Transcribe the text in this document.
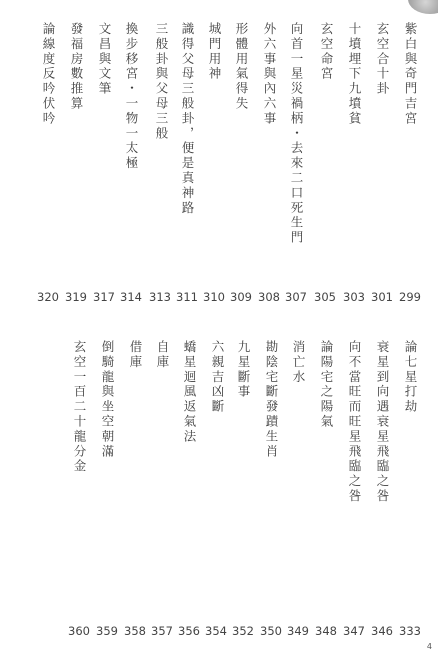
紫白與奇門吉宮
玄空合十卦
十墳埋下九墳貧
玄空命宮
向首一星災禍柄・去來二口死生門
外六事與內六事
形體用氣得失
城門用神
識得父母三般卦，便是真神路
三般卦與父母三般
換步移宮・一物一太極
文昌與文筆
發福房數推算
論線度反吟伏吟
299
301
303
305
307
308
309
310
311
313
314
317
319
320
論七星打劫
衰星到向遇衰星飛臨之咎
向不當旺而旺星飛臨之咎
論陽宅之陽氣
消亡水
勘陰宅斷發蹟生肖
九星斷事
六親吉凶斷
蟜星迴風返氣法
自庫
借庫
倒騎龍與坐空朝滿
玄空一百二十龍分金
333
346
347
348
349
350
352
354
356
357
358
359
360
4
